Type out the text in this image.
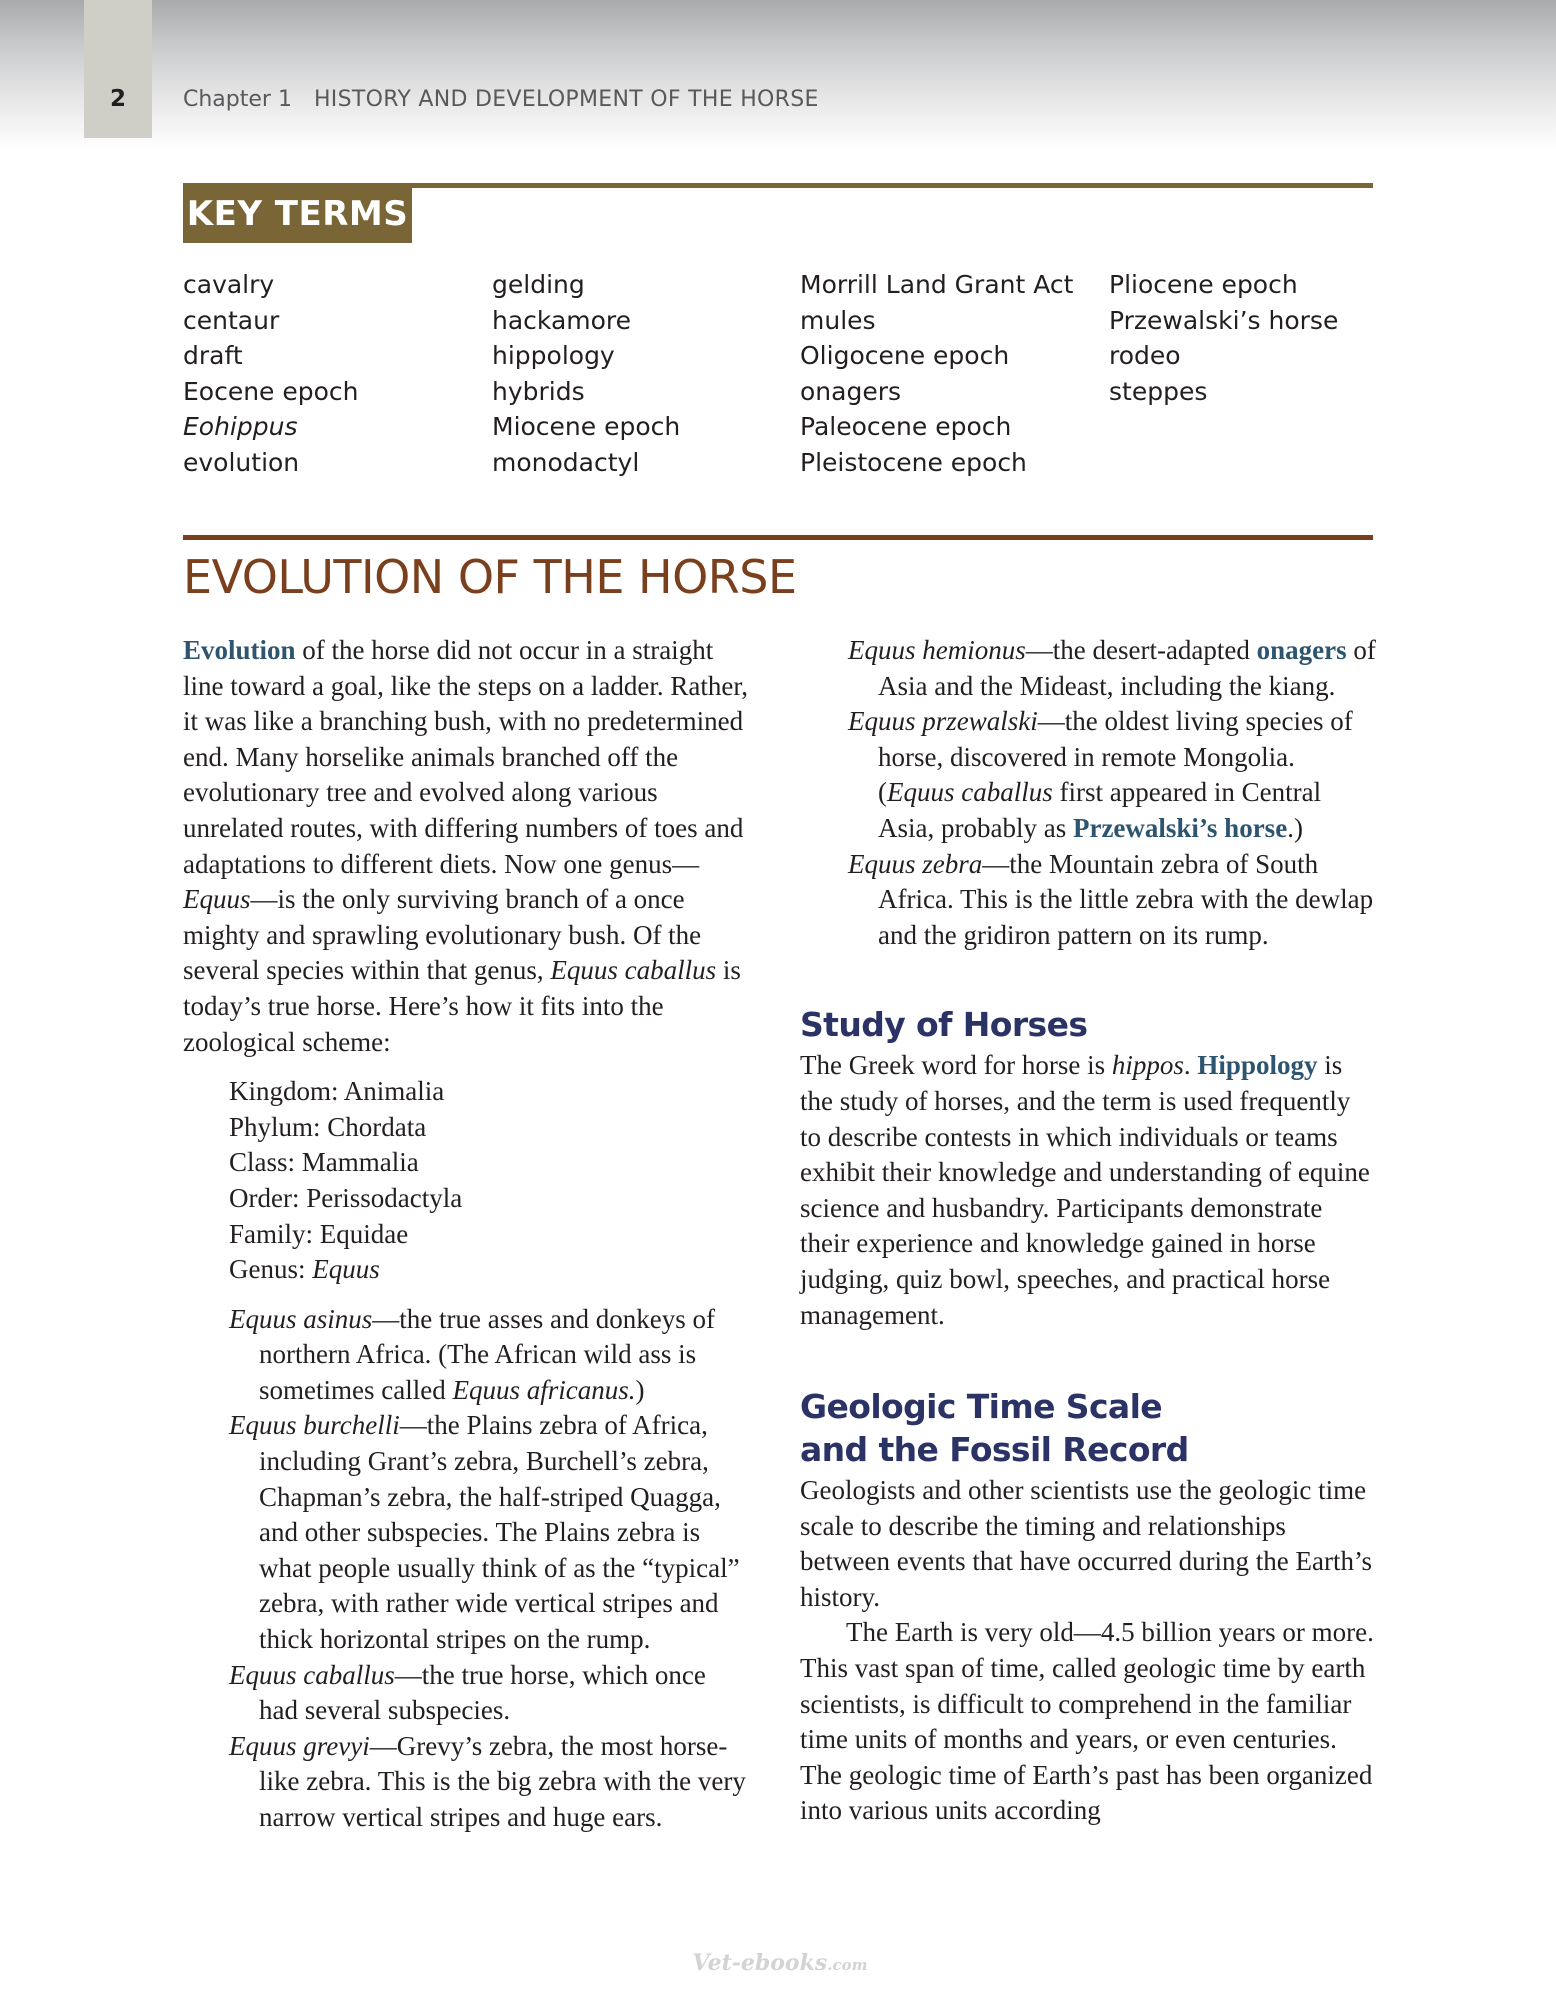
2	Chapter 1 HISTORY AND DEVELOPMENT OF THE HORSE
KEY TERMS
cavalry
centaur
draft
Eocene epoch
Eohippus
evolution
gelding
hackamore
hippology
hybrids
Miocene epoch
monodactyl
Morrill Land Grant Act
mules
Oligocene epoch
onagers
Paleocene epoch
Pleistocene epoch
Pliocene epoch
Przewalski’s horse
rodeo
steppes
EVOLUTION OF THE HORSE

Evolution of the horse did not occur in a straight line toward a goal, like the steps on a ladder. Rather, it was like a branching bush, with no predetermined end. Many horselike animals branched off the evolutionary tree and evolved along various unrelated routes, with differing numbers of toes and adaptations to different diets. Now one genus—Equus—is the only surviving branch of a once mighty and sprawling evolutionary bush. Of the several species within that genus, Equus caballus is today’s true horse. Here’s how it fits into the zoological scheme:

Kingdom: Animalia
Phylum: Chordata
Class: Mammalia
Order: Perissodactyla
Family: Equidae
Genus: Equus
Equus asinus—the true asses and donkeys of northern Africa. (The African wild ass is sometimes called Equus africanus.)
Equus burchelli—the Plains zebra of Africa, including Grant’s zebra, Burchell’s zebra, Chapman’s zebra, the half-striped Quagga, and other subspecies. The Plains zebra is what people usually think of as the “typical” zebra, with rather wide vertical stripes and thick horizontal stripes on the rump.
Equus caballus—the true horse, which once had several subspecies.
Equus grevyi—Grevy’s zebra, the most horse-like zebra. This is the big zebra with the very narrow vertical stripes and huge ears.
Equus hemionus—the desert-adapted onagers of Asia and the Mideast, including the kiang.
Equus przewalski—the oldest living species of horse, discovered in remote Mongolia. (Equus caballus first appeared in Central Asia, probably as Przewalski’s horse.)
Equus zebra—the Mountain zebra of South Africa. This is the little zebra with the dewlap and the gridiron pattern on its rump.
Study of Horses

The Greek word for horse is hippos. Hippology is the study of horses, and the term is used frequently to describe contests in which individuals or teams exhibit their knowledge and understanding of equine science and husbandry. Participants demonstrate their experience and knowledge gained in horse judging, quiz bowl, speeches, and practical horse management.

Geologic Time Scale
and the Fossil Record

Geologists and other scientists use the geologic time scale to describe the timing and relationships between events that have occurred during the Earth’s history.

The Earth is very old—4.5 billion years or more. This vast span of time, called geologic time by earth scientists, is difficult to comprehend in the familiar time units of months and years, or even centuries. The geologic time of Earth’s past has been organized into various units according

Vet-ebooks.com
